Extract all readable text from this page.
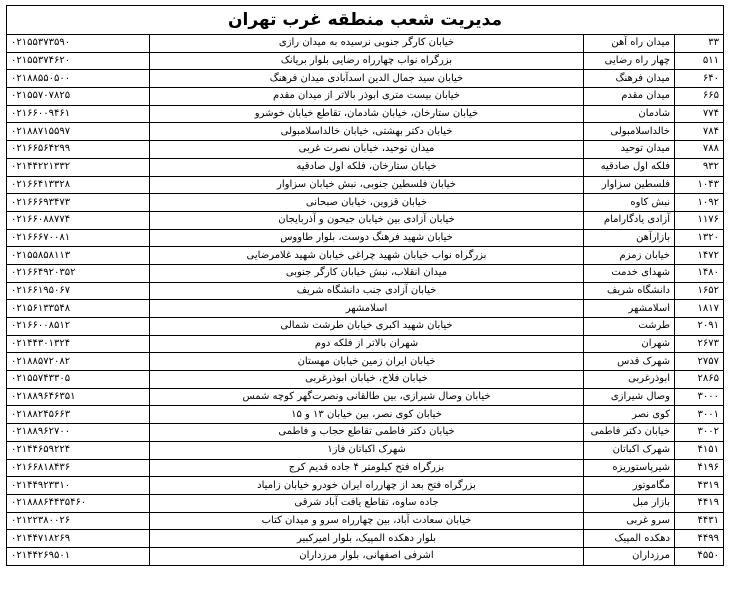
مدیریت شعب منطقه غرب تهران
۳۳	میدان راه آهن	خیابان کارگر جنوبی نرسیده به میدان رازی	۰۲۱۵۵۳۷۳۵۹۰
۵۱۱	چهار راه رضایی	بزرگراه نواب چهارراه رضایی بلوار بریانک	۰۲۱۵۵۳۷۴۶۲۰
۶۴۰	میدان فرهنگ	خیابان سید جمال الدین اسدآبادی میدان فرهنگ	۰۲۱۸۸۵۵۰۵۰۰
۶۶۵	میدان مقدم	خیابان بیست متری ابوذر بالاتر از میدان مقدم	۰۲۱۵۵۷۰۷۸۲۵
۷۷۴	شادمان	خیابان ستارخان، خیابان شادمان، تقاطع خیابان خوشرو	۰۲۱۶۶۰۰۹۴۶۱
۷۸۴	خالداسلامبولی	خیابان دکتر بهشتی، خیابان خالداسلامبولی	۰۲۱۸۸۷۱۵۵۹۷
۷۸۸	میدان توحید	میدان توحید، خیابان نصرت غربی	۰۲۱۶۶۵۶۴۲۹۹
۹۳۲	فلکه اول صادقیه	خیابان ستارخان، فلکه اول صادقیه	۰۲۱۴۴۲۲۱۳۳۲
۱۰۴۳	فلسطین سزاوار	خیابان فلسطین جنوبی، نبش خیابان سزاوار	۰۲۱۶۶۴۱۳۳۲۸
۱۰۹۲	نبش کاوه	خیابان قزوین، خیابان صبحانی	۰۲۱۶۶۶۹۳۴۷۳
۱۱۷۶	آزادی یادگارامام	خیابان آزادی بین خیابان جیحون و آذربایجان	۰۲۱۶۶۰۸۸۷۷۴
۱۳۲۰	بازارآهن	خیابان شهید فرهنگ دوست، بلوار طاووس	۰۲۱۶۶۶۷۰۰۸۱
۱۴۷۲	خیابان زمزم	بزرگراه نواب خیابان شهید چراغی خیابان شهید غلامرضایی	۰۲۱۵۵۸۵۸۱۱۳
۱۴۸۰	شهدای خدمت	میدان انقلاب، نبش خیابان کارگر جنوبی	۰۲۱۶۶۴۹۲۰۳۵۲
۱۶۵۲	دانشگاه شریف	خیابان آزادی جنب دانشگاه شریف	۰۲۱۶۶۱۹۵۰۶۷
۱۸۱۷	اسلامشهر	اسلامشهر	۰۲۱۵۶۱۳۳۵۴۸
۲۰۹۱	طرشت	خیابان شهید اکبری خیابان طرشت شمالی	۰۲۱۶۶۰۰۸۵۱۲
۲۶۷۳	شهران	شهران بالاتر از فلکه دوم	۰۲۱۴۴۳۰۱۳۲۴
۲۷۵۷	شهرک قدس	خیابان ایران زمین خیابان مهستان	۰۲۱۸۸۵۷۲۰۸۲
۲۸۶۵	ابوذرغربی	خیابان فلاح، خیابان ابوذرغربی	۰۲۱۵۵۷۴۳۳۰۵
۳۰۰۰	وصال شیرازی	خیابان وصال شیرازی، بین طالقانی ونصرت‌گهر کوچه شمس	۰۲۱۸۸۹۶۴۶۳۵۱
۳۰۰۱	کوی نصر	خیابان کوی نصر، بین خیابان ۱۳ و ۱۵	۰۲۱۸۸۲۴۵۶۶۳
۳۰۰۲	خیابان دکتر فاطمی	خیابان دکتر فاطمی تقاطع حجاب و فاطمی	۰۲۱۸۸۹۶۲۷۰۰
۴۱۵۱	شهرک اکباتان	شهرک اکباتان فاز۱	۰۲۱۴۴۶۵۹۲۲۴
۴۱۹۶	شیرپاستوریزه	بزرگراه فتح کیلومتر ۴ جاده قدیم کرج	۰۲۱۶۶۸۱۸۴۳۶
۴۳۱۹	مگاموتور	بزرگراه فتح بعد از چهارراه ایران خودرو خیابان زامیاد	۰۲۱۴۴۹۲۳۳۱۰
۴۴۱۹	بازار مبل	جاده ساوه، تقاطع یافت آباد شرقی	۰۲۱۸۸۸۶۴۴۳۵۴۶۰
۴۴۳۱	سرو غربی	خیابان سعادت آباد، بین چهارراه سرو و میدان کتاب	۰۲۱۲۲۳۸۰۰۲۶
۴۴۹۹	دهکده المپیک	بلوار دهکده المپیک، بلوار امیرکبیر	۰۲۱۴۴۷۱۸۲۶۹
۴۵۵۰	مرزداران	اشرفی اصفهانی، بلوار مرزداران	۰۲۱۴۴۲۶۹۵۰۱
